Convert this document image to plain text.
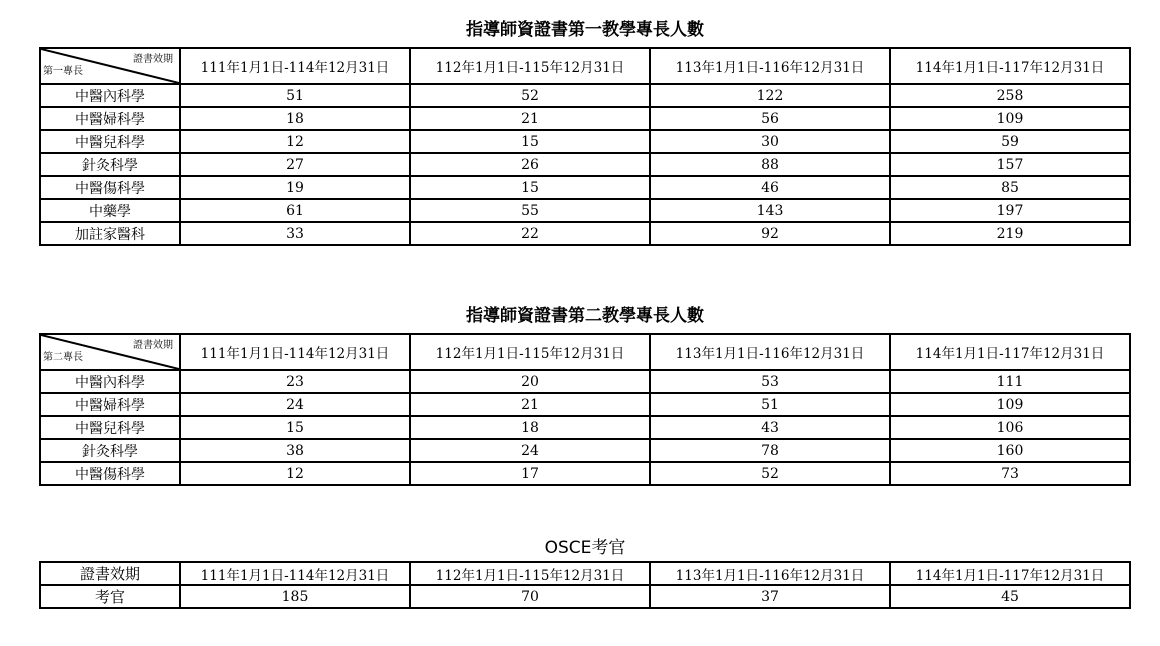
指導師資證書第一教學專長人數
證書效期
第一專長	111年1月1日-114年12月31日	112年1月1日-115年12月31日	113年1月1日-116年12月31日	114年1月1日-117年12月31日
中醫內科學	51	52	122	258
中醫婦科學	18	21	56	109
中醫兒科學	12	15	30	59
針灸科學	27	26	88	157
中醫傷科學	19	15	46	85
中藥學	61	55	143	197
加註家醫科	33	22	92	219
指導師資證書第二教學專長人數
證書效期
第二專長	111年1月1日-114年12月31日	112年1月1日-115年12月31日	113年1月1日-116年12月31日	114年1月1日-117年12月31日
中醫內科學	23	20	53	111
中醫婦科學	24	21	51	109
中醫兒科學	15	18	43	106
針灸科學	38	24	78	160
中醫傷科學	12	17	52	73
OSCE考官
證書效期	111年1月1日-114年12月31日	112年1月1日-115年12月31日	113年1月1日-116年12月31日	114年1月1日-117年12月31日
考官	185	70	37	45
